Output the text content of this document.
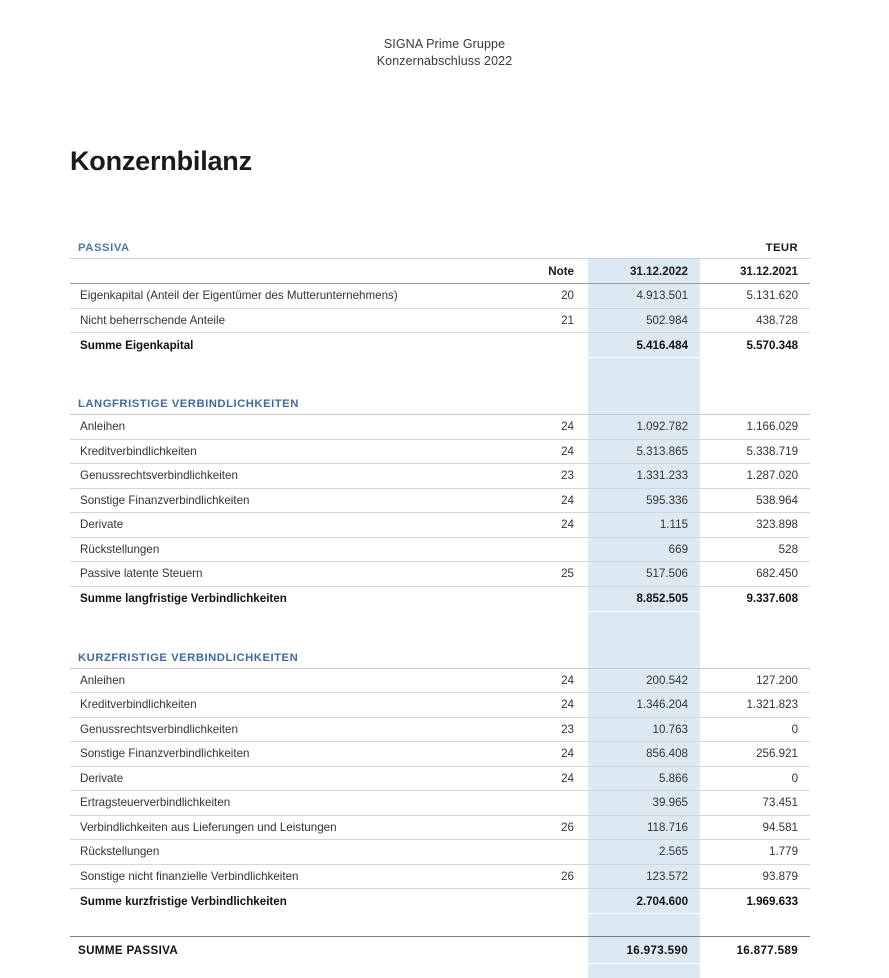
SIGNA Prime Gruppe
Konzernabschluss 2022
Konzernbilanz
PASSIVA			TEUR
	Note	31.12.2022	31.12.2021
Eigenkapital (Anteil der Eigentümer des Mutterunternehmens)	20	4.913.501	5.131.620
Nicht beherrschende Anteile	21	502.984	438.728
Summe Eigenkapital		5.416.484	5.570.348

LANGFRISTIGE VERBINDLICHKEITEN			
Anleihen	24	1.092.782	1.166.029
Kreditverbindlichkeiten	24	5.313.865	5.338.719
Genussrechtsverbindlichkeiten	23	1.331.233	1.287.020
Sonstige Finanzverbindlichkeiten	24	595.336	538.964
Derivate	24	1.115	323.898
Rückstellungen		669	528
Passive latente Steuern	25	517.506	682.450
Summe langfristige Verbindlichkeiten		8.852.505	9.337.608

KURZFRISTIGE VERBINDLICHKEITEN			
Anleihen	24	200.542	127.200
Kreditverbindlichkeiten	24	1.346.204	1.321.823
Genussrechtsverbindlichkeiten	23	10.763	0
Sonstige Finanzverbindlichkeiten	24	856.408	256.921
Derivate	24	5.866	0
Ertragsteuerverbindlichkeiten		39.965	73.451
Verbindlichkeiten aus Lieferungen und Leistungen	26	118.716	94.581
Rückstellungen		2.565	1.779
Sonstige nicht finanzielle Verbindlichkeiten	26	123.572	93.879
Summe kurzfristige Verbindlichkeiten		2.704.600	1.969.633

SUMME PASSIVA		16.973.590	16.877.589
